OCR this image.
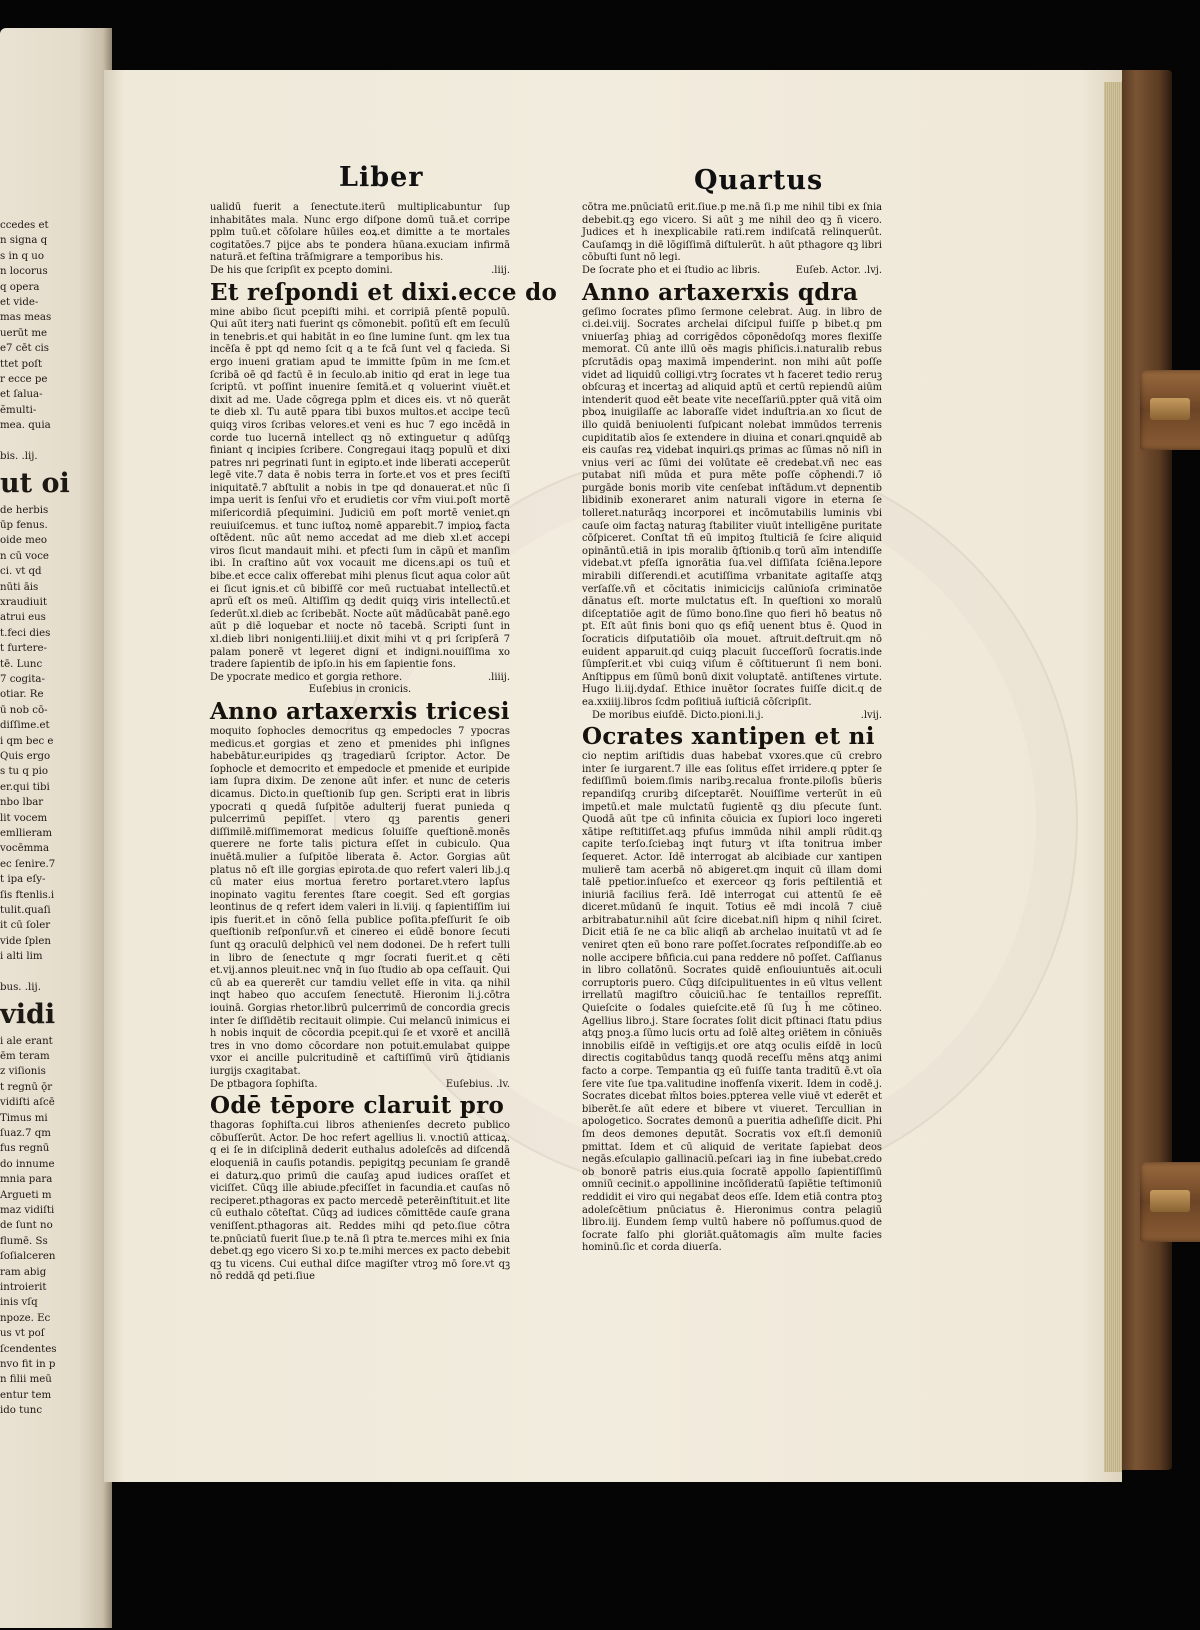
ccedes et
n signa q
s in q uo
n locorus
q opera
et vide-
mas meas
uerūt me
e7 cēt cis
ttet poſt
r ecce pe
et ſalua-
ĕmulti-
mea. quia

bis. .lij.
ut oi
de herbis
ūp fenus.
oide meo
n cū voce
ci. vt qd
nūti āis
xraudiuit
atrui eus
t.feci dies
t furtere-
tē. Lunc
7 cogita-
otiar. Re
ū nob cō-
diſſime.et
i qm bec e
Quis ergo
s tu q pio
er.qui tibi
nbo lbar
lit vocem
emllieram
vocēmma
ec ſenire.7
t ipa eſy-
ſis ftenlis.i
tulit.quaſi
it cū ſoler
vide ſplen
i alti lim

bus. .lij.
vidi
i ale erant
ēm teram
z viſionis
t regnū ǭr
vidiſti aſcē
Timus mi
ſuaz.7 qm
fus regnū
do innume
mnia para
Argueti m
maz vidiſti
de ſunt no
flumē. Ss
ſoſialceren
ram abig
introierit
inis vſq
npoze. Ec
us vt poſ
ſcendentes
nvo fit in p
n filii meū
entur tem
ido tunc
Liber	Quartus

ualidū fuerit a ſenectute.iterū multiplicabuntur ſup inhabitātes mala. Nunc ergo diſpone domū tuā.et corripe pplm tuū.et cōſolare hūiles eoꝝ.et dimitte a te mortales cogitatōes.7 pijce abs te pondera hūana.exuciam infirmā naturā.et feſtina trāſmigrare a temporibus his.

De his que ſcripſit ex pcepto domini.	.liij.
Et reſpondi et dixi.ecce do

mine abibo ſicut pcepiſti mihi. et corripiā pſentē populū. Qui aūt iterꝫ nati fuerint qs cōmonebit. poſitū eſt em ſeculū in tenebris.et qui habitāt in eo ſine lumine ſunt. qm lex tua incēſa ē ppt qd nemo ſcit q a te fcā ſunt vel q facieda. Si ergo inueni gratiam apud te immitte ſpūm in me ſcm.et ſcribā oē qd factū ē in ſeculo.ab initio qd erat in lege tua ſcriptū. vt poſſint inuenire ſemitā.et q voluerint viuēt.et dixit ad me. Uade cōgrega pplm et dices eis. vt nō querāt te dieb xl. Tu autē ppara tibi buxos multos.et accipe tecū quiqꝫ viros ſcribas velores.et veni es huc 7 ego incēdā in corde tuo lucernā intellect qꝫ nō extinguetur q adūſqꝫ finiant q incipies ſcribere. Congregaui itaqꝫ populū et dixi patres nri pegrinati ſunt in egipto.et inde liberati acceperūt legē vite.7 data ē nobis terra in ſorte.et vos et pres ſeciſtī iniquitatē.7 abſtulit a nobis in tpe qd donauerat.et nūc ſi impa uerit is ſenſui vr̄o et erudietis cor vr̄m viui.poſt mortē miſericordiā pſequimini. Judiciū em poſt mortē veniet.qn reuiuiſcemus. et tunc iuſtoꝝ nomē apparebit.7 impioꝝ facta oſtēdent. nūc aūt nemo accedat ad me dieb xl.et accepi viros ſicut mandauit mihi. et pfecti ſum in cāpū et manſim ibi. In craſtino aūt vox vocauit me dicens.api os tuū et bibe.et ecce calix offerebat mihi plenus ſicut aqua color aūt ei ſicut ignis.et cū bibiſſē cor meū ructuabat intellectū.et aprū eſt os meū. Altiſſim qꝫ dedit quiqꝫ viris intellectū.et ſederūt.xl.dieb ac ſcribebāt. Nocte aūt mādūcabāt panē.ego aūt p diē loquebar et nocte nō tacebā. Scripti ſunt in xl.dieb libri nonigenti.liiij.et dixit mihi vt q pri ſcripſerā 7 palam ponerē vt legeret digni et indigni.nouiſſima xo tradere ſapientib de ipſo.in his em ſapientie fons.

De ypocrate medico et gorgia rethore.	.liiij.
Euſebius in cronicis.
Anno artaxerxis tricesi

moquito ſophocles democritus qꝫ empedocles 7 ypocras medicus.et gorgias et zeno et pmenides phi inſignes habebātur.euripides qꝫ tragediarū ſcriptor. Actor. De ſophocle et democrito et empedocle et pmenide et euripide iam ſupra dixim. De zenone aūt infer. et nunc de ceteris dicamus. Dicto.in queſtionib ſup gen. Scripti erat in libris ypocrati q quedā ſuſpitōe adulterij fuerat punieda q pulcerrimū pepiſſet. vtero qꝫ parentis generi diſſimilē.miſſimemorat medicus ſoluiſſe queſtionē.monēs querere ne forte talis pictura eſſet in cubiculo. Qua inuētā.mulier a ſuſpitōe liberata ē. Actor. Gorgias aūt platus nō eſt ille gorgias epirota.de quo refert valeri lib.j.q cū mater eius mortua feretro portaret.vtero lapſus inopinato vagitu ferentes ſtare coegit. Sed eſt gorgias leontinus de q refert idem valeri in li.viij. q ſapientiſſim iui ipis fuerit.et in cōnō ſella publice poſita.pfeſſurit ſe oib queſtionib reſponſur.vñ et cinereo ei eūdē bonore ſecuti ſunt qꝫ oraculū delphicū vel nem dodonei. De h refert tulli in libro de ſenectute q mgr ſocrati fuerit.et q cēti et.vij.annos pleuit.nec vnq̄ in ſuo ſtudio ab opa ceſſauit. Qui cū ab ea quererēt cur tamdiu vellet eſſe in vita. qa nihil inqt habeo quo accuſem ſenectutē. Hieronim li.j.cōtra iouinā. Gorgias rhetor.librū pulcerrimū de concordia grecis inter ſe diſſidētib recitauit olimpie. Cui melancū inimicus ei h nobis inquit de cōcordia pcepit.qui ſe et vxorē et ancillā tres in vno domo cōcordare non potuit.emulabat quippe vxor ei ancille pulcritudinē et caſtiſſimū virū q̄tidianis iurgijs cxagitabat.

De ptbagora ſophiſta.	Euſebius. .lv.
Odē tēpore claruit pro

thagoras ſophiſta.cui libros athenienſes decreto publico cōbuſſerūt. Actor. De hoc refert agellius li. v.noctiū atticaꝝ. q ei ſe in diſciplinā dederit euthalus adoleſcēs ad diſcendā eloqueniā in cauſis potandis. pepigitqꝫ pecuniam ſe grandē ei daturꝝ.quo primū die cauſaꝫ apud iudices oraſſet et viciſſet. Cūqꝫ ille abiude.pfeciſſet in facundia.et cauſas nō reciperet.pthagoras ex pacto mercedē peterēinſtituit.et lite cū euthalo cōteſtat. Cūqꝫ ad iudices cōmittēde cauſe grana veniſſent.pthagoras ait. Reddes mihi qd peto.ſiue cōtra te.pnūciatū fuerit ſiue.p te.nā ſi ptra te.merces mihi ex ſnia debet.qꝫ ego vicero Si xo.p te.mihi merces ex pacto debebit qꝫ tu vicens. Cui euthal diſce magiſter vtroꝫ mō ſore.vt qꝫ nō reddā qd peti.ſiue

cōtra me.pnūciatū erit.ſiue.p me.nā ſi.p me nihil tibi ex ſnia debebit.qꝫ ego vicero. Si aūt ꝫ me nihil deo qꝫ n̄ vicero. Judices et h inexplicabile rati.rem indiſcatā relinquerūt. Cauſamqꝫ in diē lōgiſſimā diſtulerūt. h aūt pthagore qꝫ libri cōbuſti ſunt nō legi.

De ſocrate pho et ei ſtudio ac libris.	Euſeb. Actor. .lvj.
Anno artaxerxis qdra

geſimo ſocrates pſimo ſermone celebrat. Aug. in libro de ci.dei.viij. Socrates archelai diſcipul fuiſſe p bibet.q pm vniuerſaꝫ phiaꝫ ad corrigēdos cōponēdoſqꝫ mores flexiſſe memorat. Cū ante illū oēs magis phiſicis.i.naturalib rebus pſcrutādis opaꝫ maximā impenderint. non mihi aūt poſſe videt ad liquidū colligi.vtrꝫ ſocrates vt h faceret tedio reruꝫ obſcuraꝫ et incertaꝫ ad aliquid aptū et certū repiendū aiūm intenderit quod eēt beate vite neceſſariū.ppter quā vitā oim pboꝝ inuigilaſſe ac laboraſſe videt induſtria.an xo ſicut de illo quidā beniuolenti ſuſpicant nolebat immūdos terrenis cupiditatib aīos ſe extendere in diuina et conari.qnquidē ab eis cauſas reꝝ videbat inquiri.qs primas ac ſūmas nō niſi in vnius veri ac ſūmi dei volūtate eē credebat.vñ nec eas putabat niſi mūda et pura mēte poſſe cōphendi.7 iō purgāde bonis morib vite cenſebat inſtādum.vt depnentib libidinib exoneraret anim naturali vigore in eterna ſe tolleret.naturāqꝫ incorporei et incōmutabilis luminis vbi cauſe oim factaꝫ naturaꝫ ſtabiliter viuūt intelligēne puritate cōſpiceret. Conſtat tñ eū impitoꝫ ſtulticiā ſe ſcire aliquid opināntū.etiā in ipis moralib q̄ſtionib.q torū aīm intendiſſe videbat.vt pfeſſa ignorātia ſua.vel diſſiſata ſciēna.lepore mirabili diſſerendi.et acutiſſima vrbanitate agitaſſe atqꝫ verſaſſe.vñ et cōcitatis inimicicijs calūnioſa criminatōe dānatus eſt. morte mulctatus eſt. In queſtioni xo moralū diſceptatiōe agit de ſūmo bono.ſine quo fieri hō beatus nō pt. Eſt aūt finis boni quo qs efiq̄ uenent btus ē. Quod in ſocraticis diſputatiōib oīa mouet. aſtruit.deſtruit.qm nō euident apparuit.qd cuiqꝫ placuit ſucceſſorū ſocratis.inde ſūmpſerit.et vbi cuiqꝫ viſum ē cōſtituerunt ſi nem boni. Anſtippus em ſūmū bonū dixit voluptatē. antiſtenes virtute. Hugo li.iij.dydaſ. Ethice inuētor ſocrates fuiſſe dicit.q de ea.xxiiij.libros ſcdm poſitiuā iuſticiā cōſcripſit.

De moribus eiuſdē. Dicto.pioni.li.j.	.lvij.
Ocrates xantipen et ni

cio neptim ariſtidis duas habebat vxores.que cū crebro inter ſe iurgarent.7 ille eas ſolitus eſſet irridere.q ppter ſe fediſſimū boiem.ſimis naribꝫ.recalua fronte.piloſis būeris repandiſqꝫ cruribꝫ diſceptarēt. Nouiſſime verterūt in eū impetū.et male mulctatū fugientē qꝫ diu pſecute ſunt. Quodā aūt tpe cū infinita cōuicia ex ſupiori loco ingereti xātipe reſtitiſſet.aqꝫ pfuſus immūda nihil ampli rūdit.qꝫ capite terſo.ſciebaꝫ inqt futurꝫ vt iſta tonitrua imber ſequeret. Actor. Idē interrogat ab alcibiade cur xantipen mulierē tam acerbā nō abigeret.qm inquit cū illam domi talē ppetior.inſueſco et exerceor qꝫ foris peſtilentiā et iniuriā facilius ferā. Idē interrogat cui attentū ſe eē diceret.mūdanū ſe inquit. Totius eē mdi incolā 7 ciuē arbitrabatur.nihil aūt ſcire dicebat.niſi hipm q nihil ſciret. Dicit etiā ſe ne ca bīic aliqñ ab archelao inuitatū vt ad ſe veniret qten eū bono rare poſſet.ſocrates reſpondiſſe.ab eo nolle accipere bñficia.cui pana reddere nō poſſet. Caſſianus in libro collatōnū. Socrates quidē enſiouiuntuēs ait.oculi corruptoris puero. Cūqꝫ diſcipulituentes in eū vltus vellent irrellatū magiſtro cōuiciū.hac ſe tentaillos repreſſit. Quieſcite o ſodales quieſcite.etē ſū ſuꝫ h̄ me cōtineo. Agellius libro.j. Stare ſocrates ſolit dicit pſtinaci ſtatu pdius atqꝫ pnoꝫ.a ſūmo lucis ortu ad ſolē alteꝫ oriētem in cōniuēs innobilis eiſdē in veſtigijs.et ore atqꝫ oculis eiſdē in locū directis cogitabūdus tanqꝫ quodā receſſu mēns atqꝫ animi facto a corpe. Tempantia qꝫ eū fuiſſe tanta traditū ē.vt oīa ſere vite ſue tpa.valitudine inoffenſa vixerit. Idem in codē.j. Socrates dicebat m̄ltos boies.ppterea velle viuē vt ederēt et biberēt.ſe aūt edere et bibere vt viueret. Tercullian in apologetico. Socrates demonū a pueritia adheſiſſe dicit. Phi ſm deos demones deputāt. Socratis vox eſt.ſi demoniū pmittat. Idem et cū aliquid de veritate ſapiebat deos negās.eſculapio gallinaciū.peſcari iaꝫ in fine iubebat.credo ob bonorē patris eius.quia ſocratē appollo ſapientiſſimū omniū cecinit.o appollinine incōſideratū ſapiētie teſtimoniū reddidit ei viro qui negabat deos eſſe. Idem etiā contra ptoꝫ adoleſcētium pnūciatus ē. Hieronimus contra pelagiū libro.iij. Eundem ſemp vultū habere nō poſſumus.quod de ſocrate falſo phi gloriāt.quātomagis aīm multe facies hominū.ſic et corda diuerſa.
